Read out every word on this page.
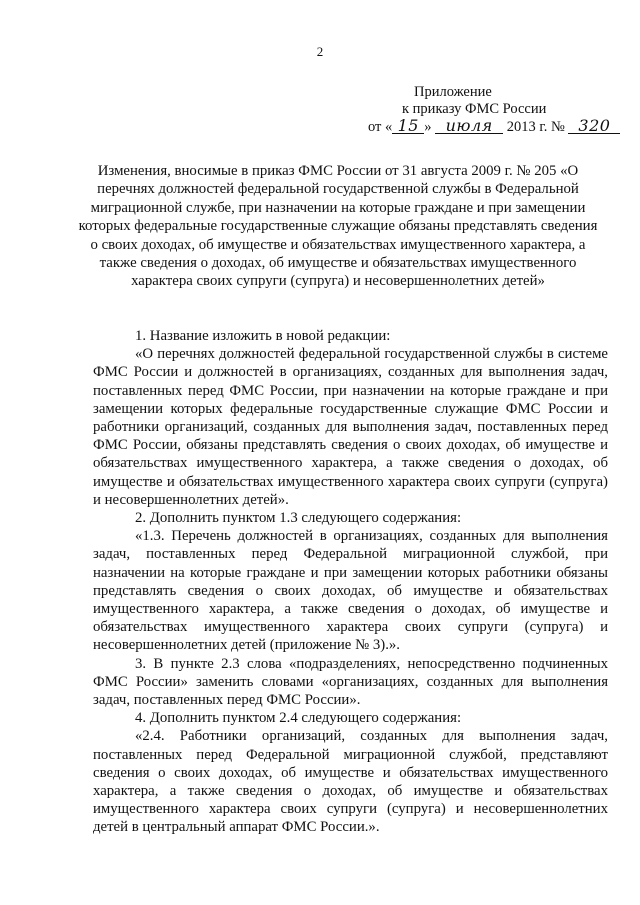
2
Приложение
к приказу ФМС России
от « 15 » июля 2013 г. № 320
Изменения, вносимые в приказ ФМС России от 31 августа 2009 г. № 205 «О перечнях должностей федеральной государственной службы в Федеральной миграционной службе, при назначении на которые граждане и при замещении которых федеральные государственные служащие обязаны представлять сведения о своих доходах, об имуществе и обязательствах имущественного характера, а также сведения о доходах, об имуществе и обязательствах имущественного характера своих супруги (супруга) и несовершеннолетних детей»

1. Название изложить в новой редакции:

«О перечнях должностей федеральной государственной службы в системе ФМС России и должностей в организациях, созданных для выполнения задач, поставленных перед ФМС России, при назначении на которые граждане и при замещении которых федеральные государственные служащие ФМС России и работники организаций, созданных для выполнения задач, поставленных перед ФМС России, обязаны представлять сведения о своих доходах, об имуществе и обязательствах имущественного характера, а также сведения о доходах, об имуществе и обязательствах имущественного характера своих супруги (супруга) и несовершеннолетних детей».

2. Дополнить пунктом 1.3 следующего содержания:

«1.3. Перечень должностей в организациях, созданных для выполнения задач, поставленных перед Федеральной миграционной службой, при назначении на которые граждане и при замещении которых работники обязаны представлять сведения о своих доходах, об имуществе и обязательствах имущественного характера, а также сведения о доходах, об имуществе и обязательствах имущественного характера своих супруги (супруга) и несовершеннолетних детей (приложение № 3).».

3. В пункте 2.3 слова «подразделениях, непосредственно подчиненных ФМС России» заменить словами «организациях, созданных для выполнения задач, поставленных перед ФМС России».

4. Дополнить пунктом 2.4 следующего содержания:

«2.4. Работники организаций, созданных для выполнения задач, поставленных перед Федеральной миграционной службой, представляют сведения о своих доходах, об имуществе и обязательствах имущественного характера, а также сведения о доходах, об имуществе и обязательствах имущественного характера своих супруги (супруга) и несовершеннолетних детей в центральный аппарат ФМС России.».
